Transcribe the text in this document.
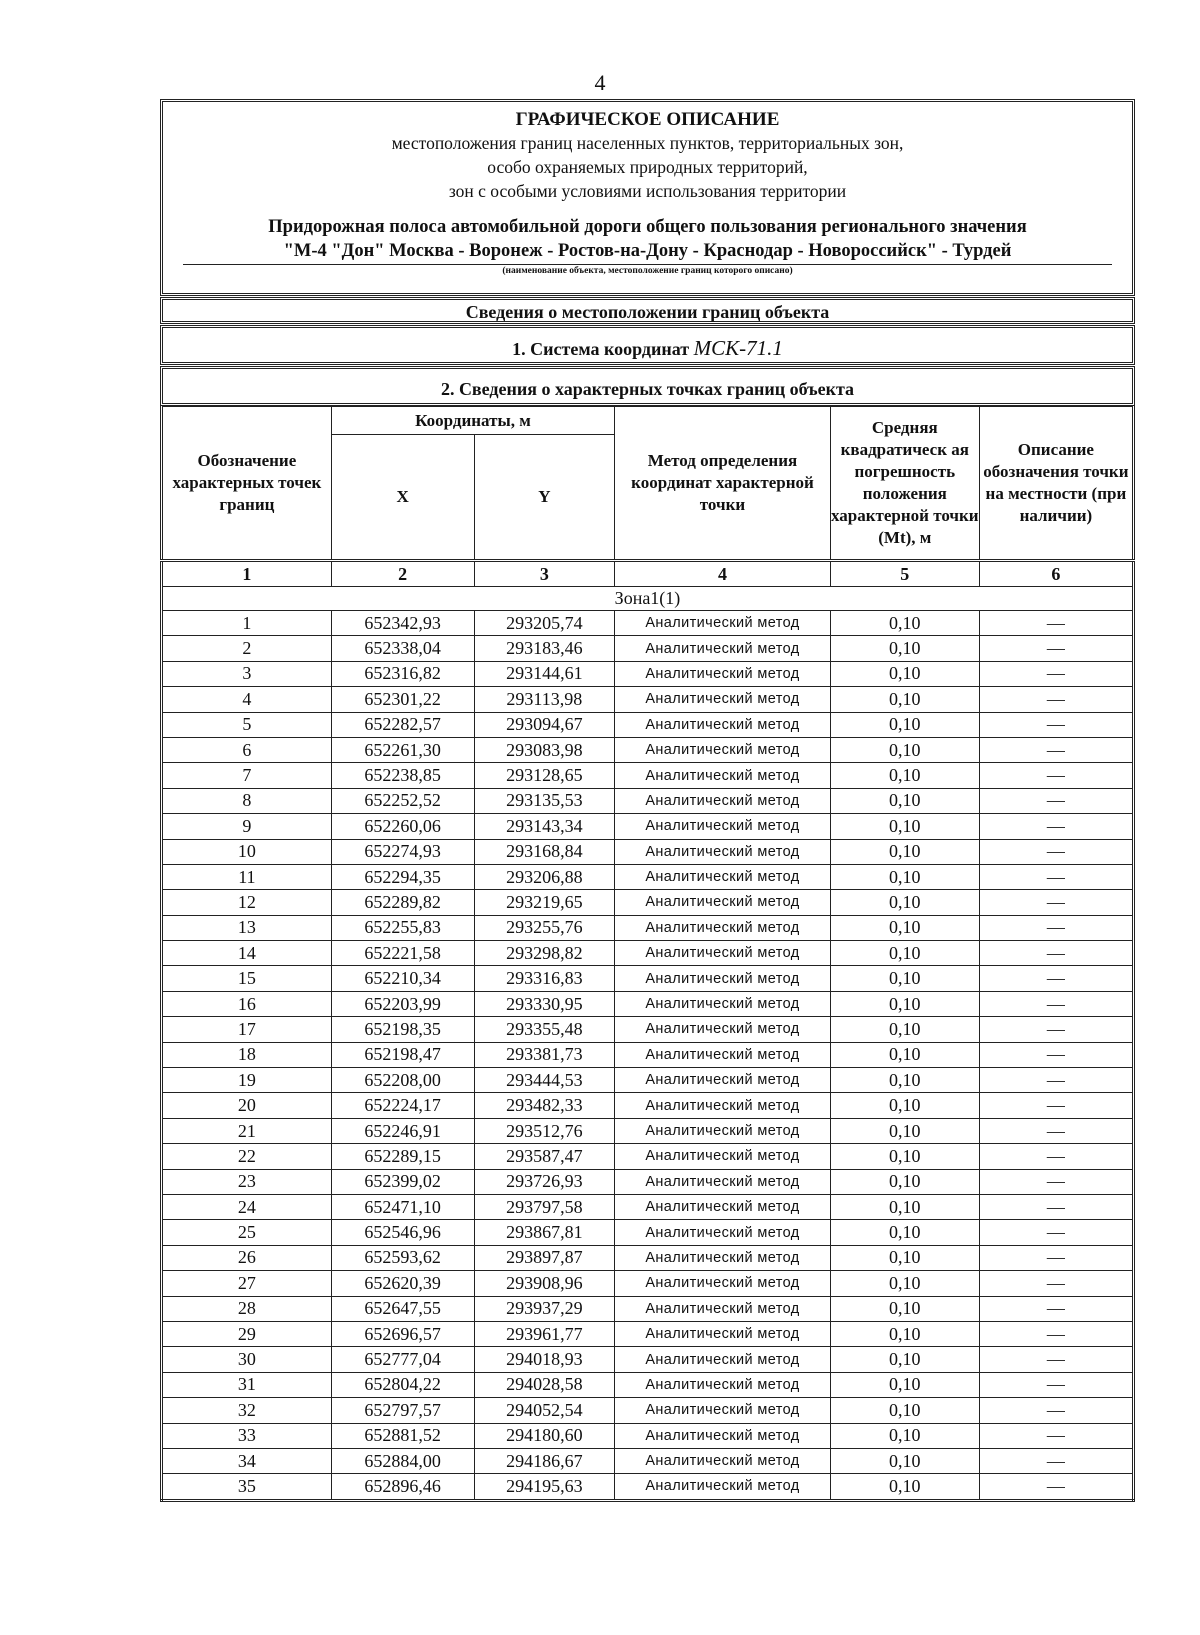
4
ГРАФИЧЕСКОЕ ОПИСАНИЕ
местоположения границ населенных пунктов, территориальных зон,
особо охраняемых природных территорий,
зон с особыми условиями использования территории
Придорожная полоса автомобильной дороги общего пользования регионального значения
"М-4 "Дон" Москва - Воронеж - Ростов-на-Дону - Краснодар - Новороссийск" - Турдей
(наименование объекта, местоположение границ которого описано)
Сведения о местоположении границ объекта
1. Система координат МСК-71.1
2. Сведения о характерных точках границ объекта
Обозначение характерных точек границ	Координаты, м		Метод определения координат характерной точки	Средняя квадратическ ая погрешность положения характерной точки (Mt), м	Описание обозначения точки на местности (при наличии)
	X	Y			
1	2	3	4	5	6
Зона1(1)					
1	652342,93	293205,74	Аналитический метод	0,10	—
2	652338,04	293183,46	Аналитический метод	0,10	—
3	652316,82	293144,61	Аналитический метод	0,10	—
4	652301,22	293113,98	Аналитический метод	0,10	—
5	652282,57	293094,67	Аналитический метод	0,10	—
6	652261,30	293083,98	Аналитический метод	0,10	—
7	652238,85	293128,65	Аналитический метод	0,10	—
8	652252,52	293135,53	Аналитический метод	0,10	—
9	652260,06	293143,34	Аналитический метод	0,10	—
10	652274,93	293168,84	Аналитический метод	0,10	—
11	652294,35	293206,88	Аналитический метод	0,10	—
12	652289,82	293219,65	Аналитический метод	0,10	—
13	652255,83	293255,76	Аналитический метод	0,10	—
14	652221,58	293298,82	Аналитический метод	0,10	—
15	652210,34	293316,83	Аналитический метод	0,10	—
16	652203,99	293330,95	Аналитический метод	0,10	—
17	652198,35	293355,48	Аналитический метод	0,10	—
18	652198,47	293381,73	Аналитический метод	0,10	—
19	652208,00	293444,53	Аналитический метод	0,10	—
20	652224,17	293482,33	Аналитический метод	0,10	—
21	652246,91	293512,76	Аналитический метод	0,10	—
22	652289,15	293587,47	Аналитический метод	0,10	—
23	652399,02	293726,93	Аналитический метод	0,10	—
24	652471,10	293797,58	Аналитический метод	0,10	—
25	652546,96	293867,81	Аналитический метод	0,10	—
26	652593,62	293897,87	Аналитический метод	0,10	—
27	652620,39	293908,96	Аналитический метод	0,10	—
28	652647,55	293937,29	Аналитический метод	0,10	—
29	652696,57	293961,77	Аналитический метод	0,10	—
30	652777,04	294018,93	Аналитический метод	0,10	—
31	652804,22	294028,58	Аналитический метод	0,10	—
32	652797,57	294052,54	Аналитический метод	0,10	—
33	652881,52	294180,60	Аналитический метод	0,10	—
34	652884,00	294186,67	Аналитический метод	0,10	—
35	652896,46	294195,63	Аналитический метод	0,10	—
